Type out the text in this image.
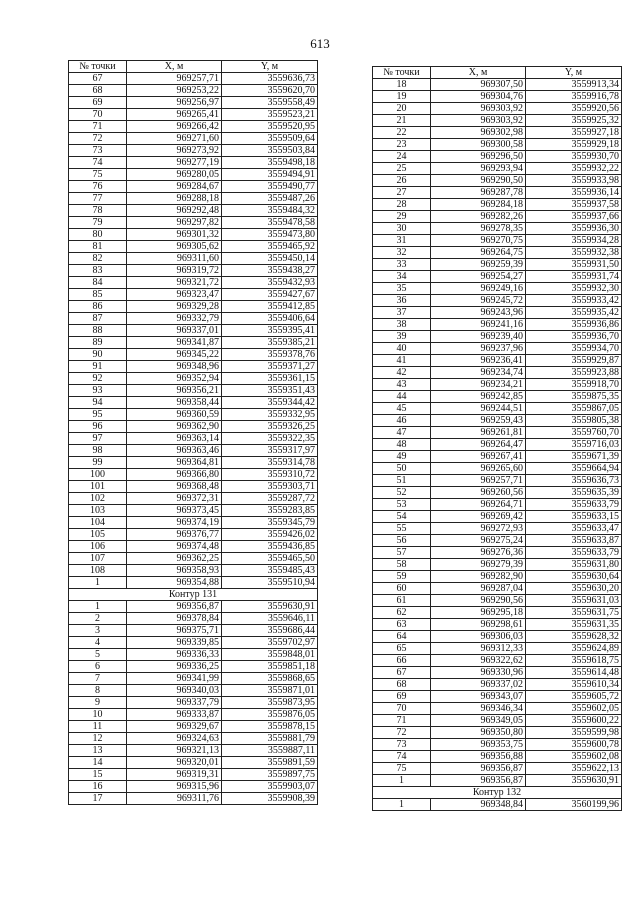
613
№ точки	X, м	Y, м
67	969257,71	3559636,73
68	969253,22	3559620,70
69	969256,97	3559558,49
70	969265,41	3559523,21
71	969266,42	3559520,95
72	969271,60	3559509,64
73	969273,92	3559503,84
74	969277,19	3559498,18
75	969280,05	3559494,91
76	969284,67	3559490,77
77	969288,18	3559487,26
78	969292,48	3559484,32
79	969297,82	3559478,58
80	969301,32	3559473,80
81	969305,62	3559465,92
82	969311,60	3559450,14
83	969319,72	3559438,27
84	969321,72	3559432,93
85	969323,47	3559427,67
86	969329,28	3559412,85
87	969332,79	3559406,64
88	969337,01	3559395,41
89	969341,87	3559385,21
90	969345,22	3559378,76
91	969348,96	3559371,27
92	969352,94	3559361,15
93	969356,21	3559351,43
94	969358,44	3559344,42
95	969360,59	3559332,95
96	969362,90	3559326,25
97	969363,14	3559322,35
98	969363,46	3559317,97
99	969364,81	3559314,78
100	969366,80	3559310,72
101	969368,48	3559303,71
102	969372,31	3559287,72
103	969373,45	3559283,85
104	969374,19	3559345,79
105	969376,77	3559426,02
106	969374,48	3559436,85
107	969362,25	3559465,50
108	969358,93	3559485,43
1	969354,88	3559510,94
Контур 131		
1	969356,87	3559630,91
2	969378,84	3559646,11
3	969375,71	3559686,44
4	969339,85	3559702,97
5	969336,33	3559848,01
6	969336,25	3559851,18
7	969341,99	3559868,65
8	969340,03	3559871,01
9	969337,79	3559873,95
10	969333,87	3559876,05
11	969329,67	3559878,15
12	969324,63	3559881,79
13	969321,13	3559887,11
14	969320,01	3559891,59
15	969319,31	3559897,75
16	969315,96	3559903,07
17	969311,76	3559908,39
№ точки	X, м	Y, м
18	969307,50	3559913,34
19	969304,76	3559916,78
20	969303,92	3559920,56
21	969303,92	3559925,32
22	969302,98	3559927,18
23	969300,58	3559929,18
24	969296,50	3559930,70
25	969293,94	3559932,22
26	969290,50	3559933,98
27	969287,78	3559936,14
28	969284,18	3559937,58
29	969282,26	3559937,66
30	969278,35	3559936,30
31	969270,75	3559934,28
32	969264,75	3559932,38
33	969259,39	3559931,50
34	969254,27	3559931,74
35	969249,16	3559932,30
36	969245,72	3559933,42
37	969243,96	3559935,42
38	969241,16	3559936,86
39	969239,40	3559936,70
40	969237,96	3559934,70
41	969236,41	3559929,87
42	969234,74	3559923,88
43	969234,21	3559918,70
44	969242,85	3559875,35
45	969244,51	3559867,05
46	969259,43	3559805,38
47	969261,81	3559760,70
48	969264,47	3559716,03
49	969267,41	3559671,39
50	969265,60	3559664,94
51	969257,71	3559636,73
52	969260,56	3559635,39
53	969264,71	3559633,79
54	969269,42	3559633,15
55	969272,93	3559633,47
56	969275,24	3559633,87
57	969276,36	3559633,79
58	969279,39	3559631,80
59	969282,90	3559630,64
60	969287,04	3559630,20
61	969290,56	3559631,03
62	969295,18	3559631,75
63	969298,61	3559631,35
64	969306,03	3559628,32
65	969312,33	3559624,89
66	969322,62	3559618,75
67	969330,96	3559614,48
68	969337,02	3559610,34
69	969343,07	3559605,72
70	969346,34	3559602,05
71	969349,05	3559600,22
72	969350,80	3559599,98
73	969353,75	3559600,78
74	969356,88	3559602,08
75	969356,87	3559622,13
1	969356,87	3559630,91
Контур 132		
1	969348,84	3560199,96
